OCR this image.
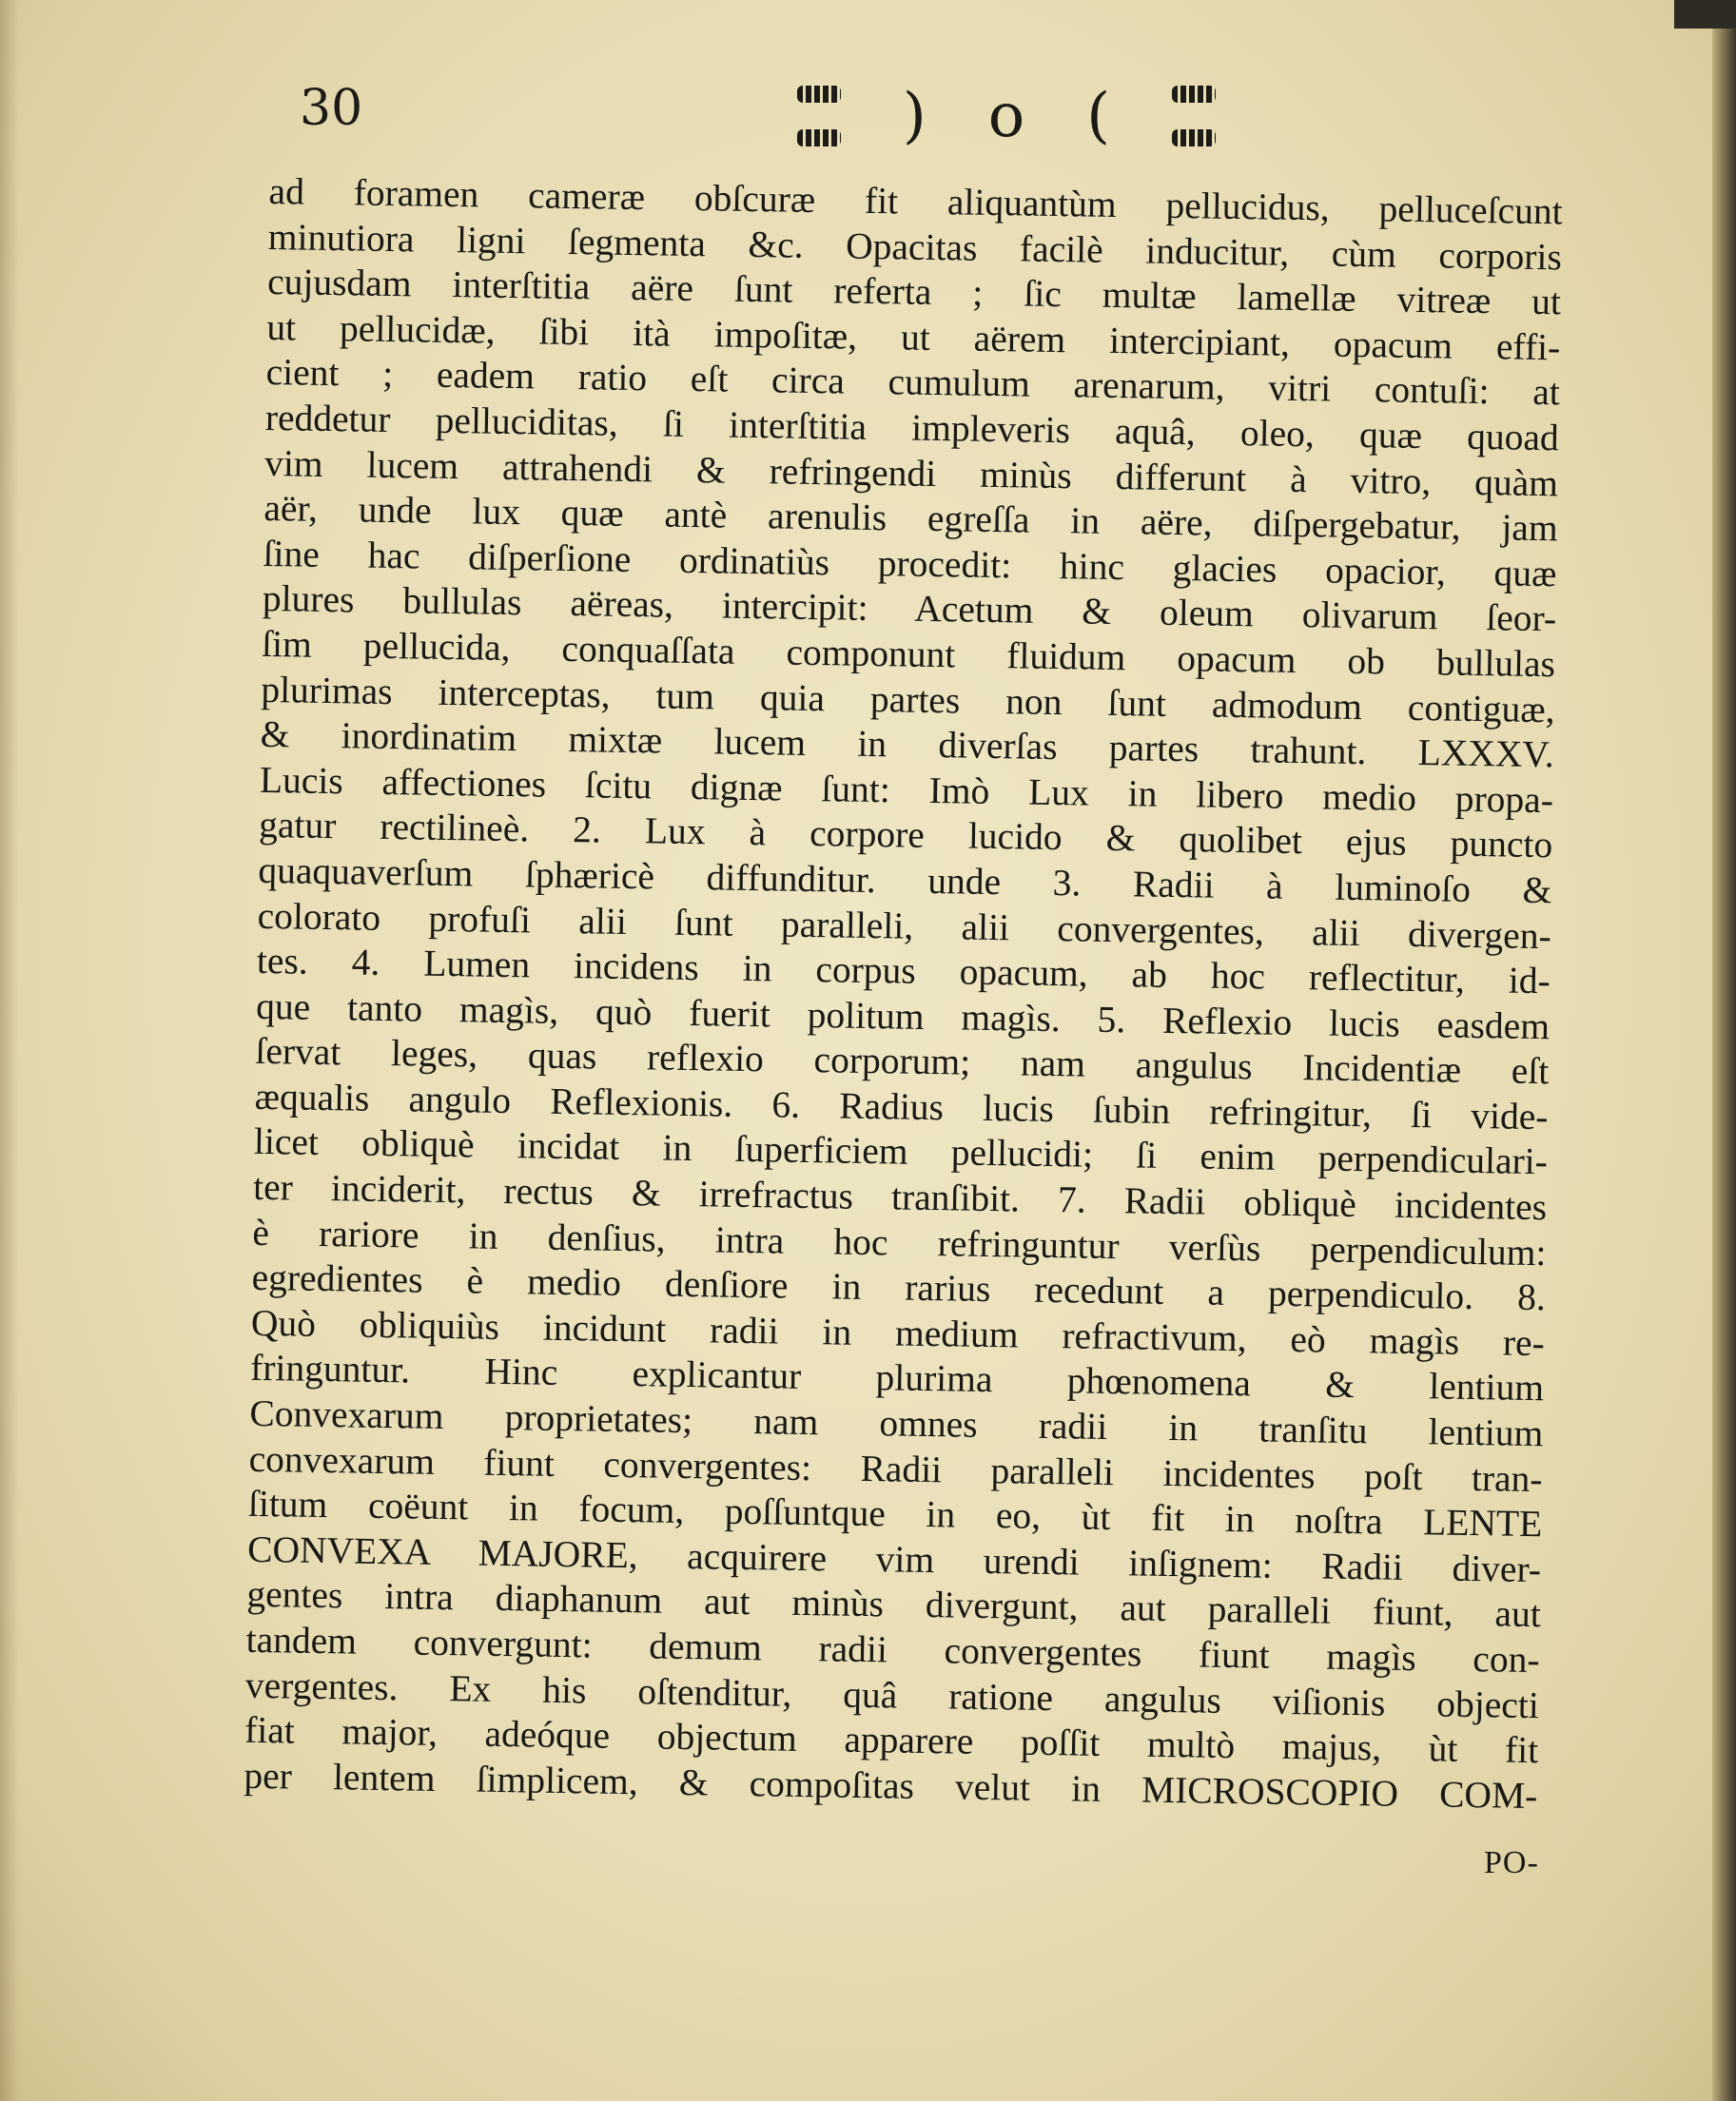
30	) o (
ad foramen cameræ obſcuræ fit aliquantùm pellucidus, pelluceſcunt
minutiora ligni ſegmenta &c. Opacitas facilè inducitur, cùm corporis
cujusdam interſtitia aëre ſunt referta ; ſic multæ lamellæ vitreæ ut
ut pellucidæ, ſibi ità impoſitæ, ut aërem intercipiant, opacum effi-
cient ; eadem ratio eſt circa cumulum arenarum, vitri contuſi: at
reddetur pelluciditas, ſi interſtitia impleveris aquâ, oleo, quæ quoad
vim lucem attrahendi & refringendi minùs differunt à vitro, quàm
aër, unde lux quæ antè arenulis egreſſa in aëre, diſpergebatur, jam
ſine hac diſperſione ordinatiùs procedit: hinc glacies opacior, quæ
plures bullulas aëreas, intercipit: Acetum & oleum olivarum ſeor-
ſim pellucida, conquaſſata componunt fluidum opacum ob bullulas
plurimas interceptas, tum quia partes non ſunt admodum contiguæ,
& inordinatim mixtæ lucem in diverſas partes trahunt. LXXXV.
Lucis affectiones ſcitu dignæ ſunt: Imò Lux in libero medio propa-
gatur rectilineè. 2. Lux à corpore lucido & quolibet ejus puncto
quaquaverſum ſphæricè diffunditur. unde 3. Radii à luminoſo &
colorato profuſi alii ſunt paralleli, alii convergentes, alii divergen-
tes. 4. Lumen incidens in corpus opacum, ab hoc reflectitur, id-
que tanto magìs, quò fuerit politum magìs. 5. Reflexio lucis easdem
ſervat leges, quas reflexio corporum; nam angulus Incidentiæ eſt
æqualis angulo Reflexionis. 6. Radius lucis ſubin refringitur, ſi vide-
licet obliquè incidat in ſuperficiem pellucidi; ſi enim perpendiculari-
ter inciderit, rectus & irrefractus tranſibit. 7. Radii obliquè incidentes
è rariore in denſius, intra hoc refringuntur verſùs perpendiculum:
egredientes è medio denſiore in rarius recedunt a perpendiculo. 8.
Quò obliquiùs incidunt radii in medium refractivum, eò magìs re-
fringuntur. Hinc explicantur plurima phœnomena & lentium
Convexarum proprietates; nam omnes radii in tranſitu lentium
convexarum fiunt convergentes: Radii paralleli incidentes poſt tran-
ſitum coëunt in focum, poſſuntque in eo, ùt fit in noſtra LENTE
CONVEXA MAJORE, acquirere vim urendi inſignem: Radii diver-
gentes intra diaphanum aut minùs divergunt, aut paralleli fiunt, aut
tandem convergunt: demum radii convergentes fiunt magìs con-
vergentes. Ex his oſtenditur, quâ ratione angulus viſionis objecti
fiat major, adeóque objectum apparere poſſit multò majus, ùt fit
per lentem ſimplicem, & compoſitas velut in MICROSCOPIO COM-
PO-
